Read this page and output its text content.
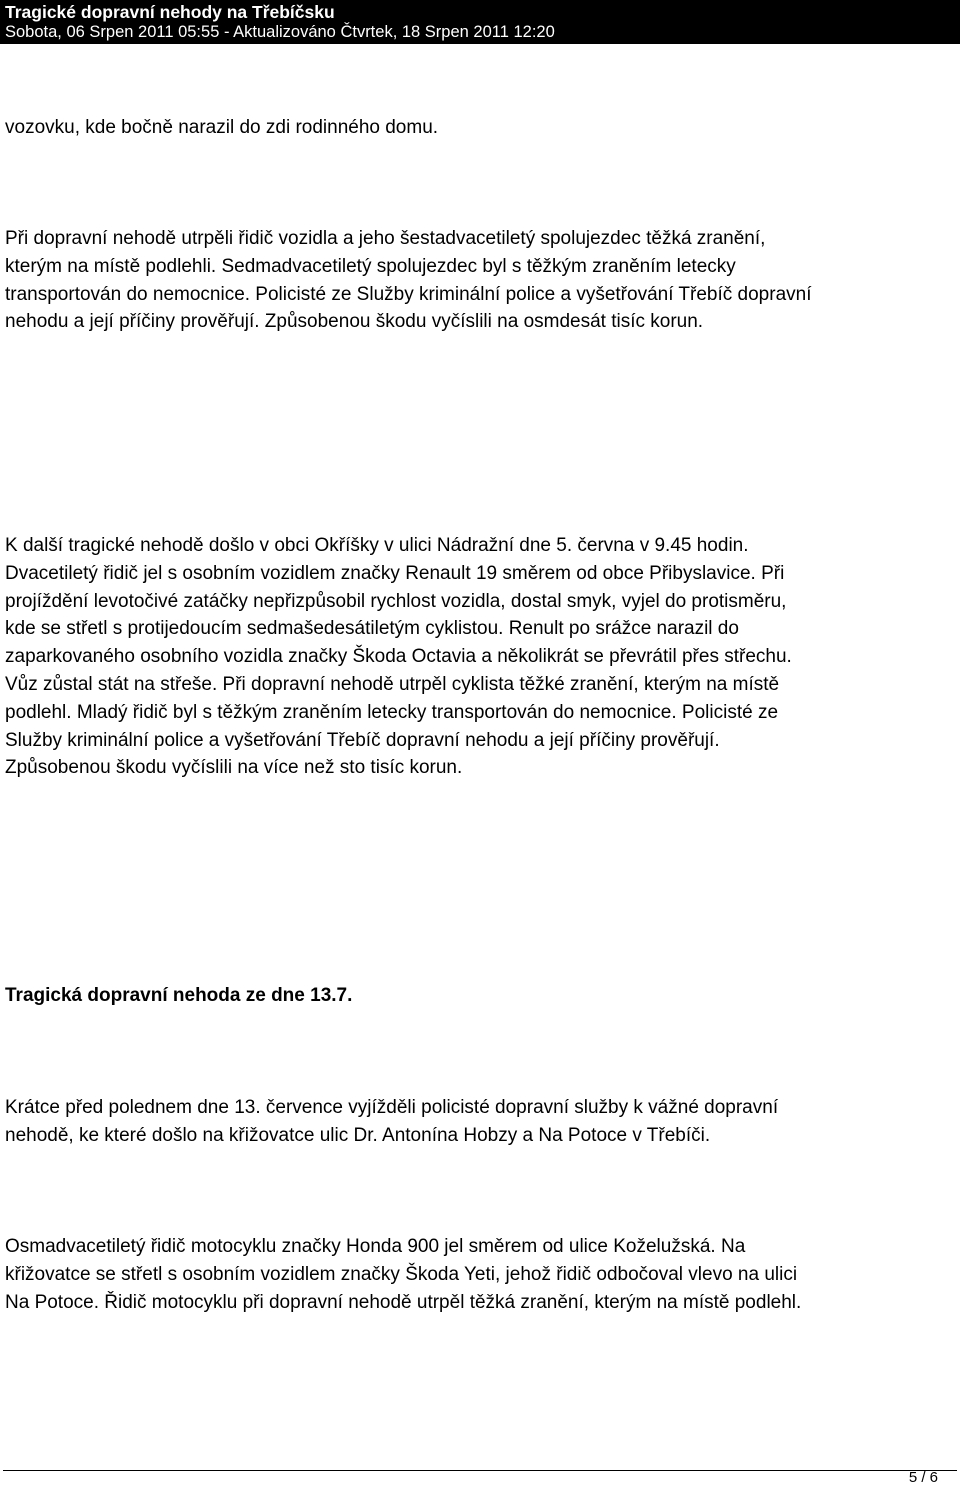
Tragické dopravní nehody na Třebíčsku
Sobota, 06 Srpen 2011 05:55 - Aktualizováno Čtvrtek, 18 Srpen 2011 12:20

vozovku, kde bočně narazil do zdi rodinného domu.

Při dopravní nehodě utrpěli řidič vozidla a jeho šestadvacetiletý spolujezdec těžká zranění,
kterým na místě podlehli. Sedmadvacetiletý spolujezdec byl s těžkým zraněním letecky
transportován do nemocnice. Policisté ze Služby kriminální police a vyšetřování Třebíč dopravní
nehodu a její příčiny prověřují. Způsobenou škodu vyčíslili na osmdesát tisíc korun.

K další tragické nehodě došlo v obci Okříšky v ulici Nádražní dne 5. června v 9.45 hodin.
Dvacetiletý řidič jel s osobním vozidlem značky Renault 19 směrem od obce Přibyslavice. Při
projíždění levotočivé zatáčky nepřizpůsobil rychlost vozidla, dostal smyk, vyjel do protisměru,
kde se střetl s protijedoucím sedmašedesátiletým cyklistou. Renult po srážce narazil do
zaparkovaného osobního vozidla značky Škoda Octavia a několikrát se převrátil přes střechu.
Vůz zůstal stát na střeše. Při dopravní nehodě utrpěl cyklista těžké zranění, kterým na místě
podlehl. Mladý řidič byl s těžkým zraněním letecky transportován do nemocnice. Policisté ze
Služby kriminální police a vyšetřování Třebíč dopravní nehodu a její příčiny prověřují.
Způsobenou škodu vyčíslili na více než sto tisíc korun.

Tragická dopravní nehoda ze dne 13.7.

Krátce před polednem dne 13. července vyjížděli policisté dopravní služby k vážné dopravní
nehodě, ke které došlo na křižovatce ulic Dr. Antonína Hobzy a Na Potoce v Třebíči.

Osmadvacetiletý řidič motocyklu značky Honda 900 jel směrem od ulice Koželužská. Na
křižovatce se střetl s osobním vozidlem značky Škoda Yeti, jehož řidič odbočoval vlevo na ulici
Na Potoce. Řidič motocyklu při dopravní nehodě utrpěl těžká zranění, kterým na místě podlehl.

5 / 6
